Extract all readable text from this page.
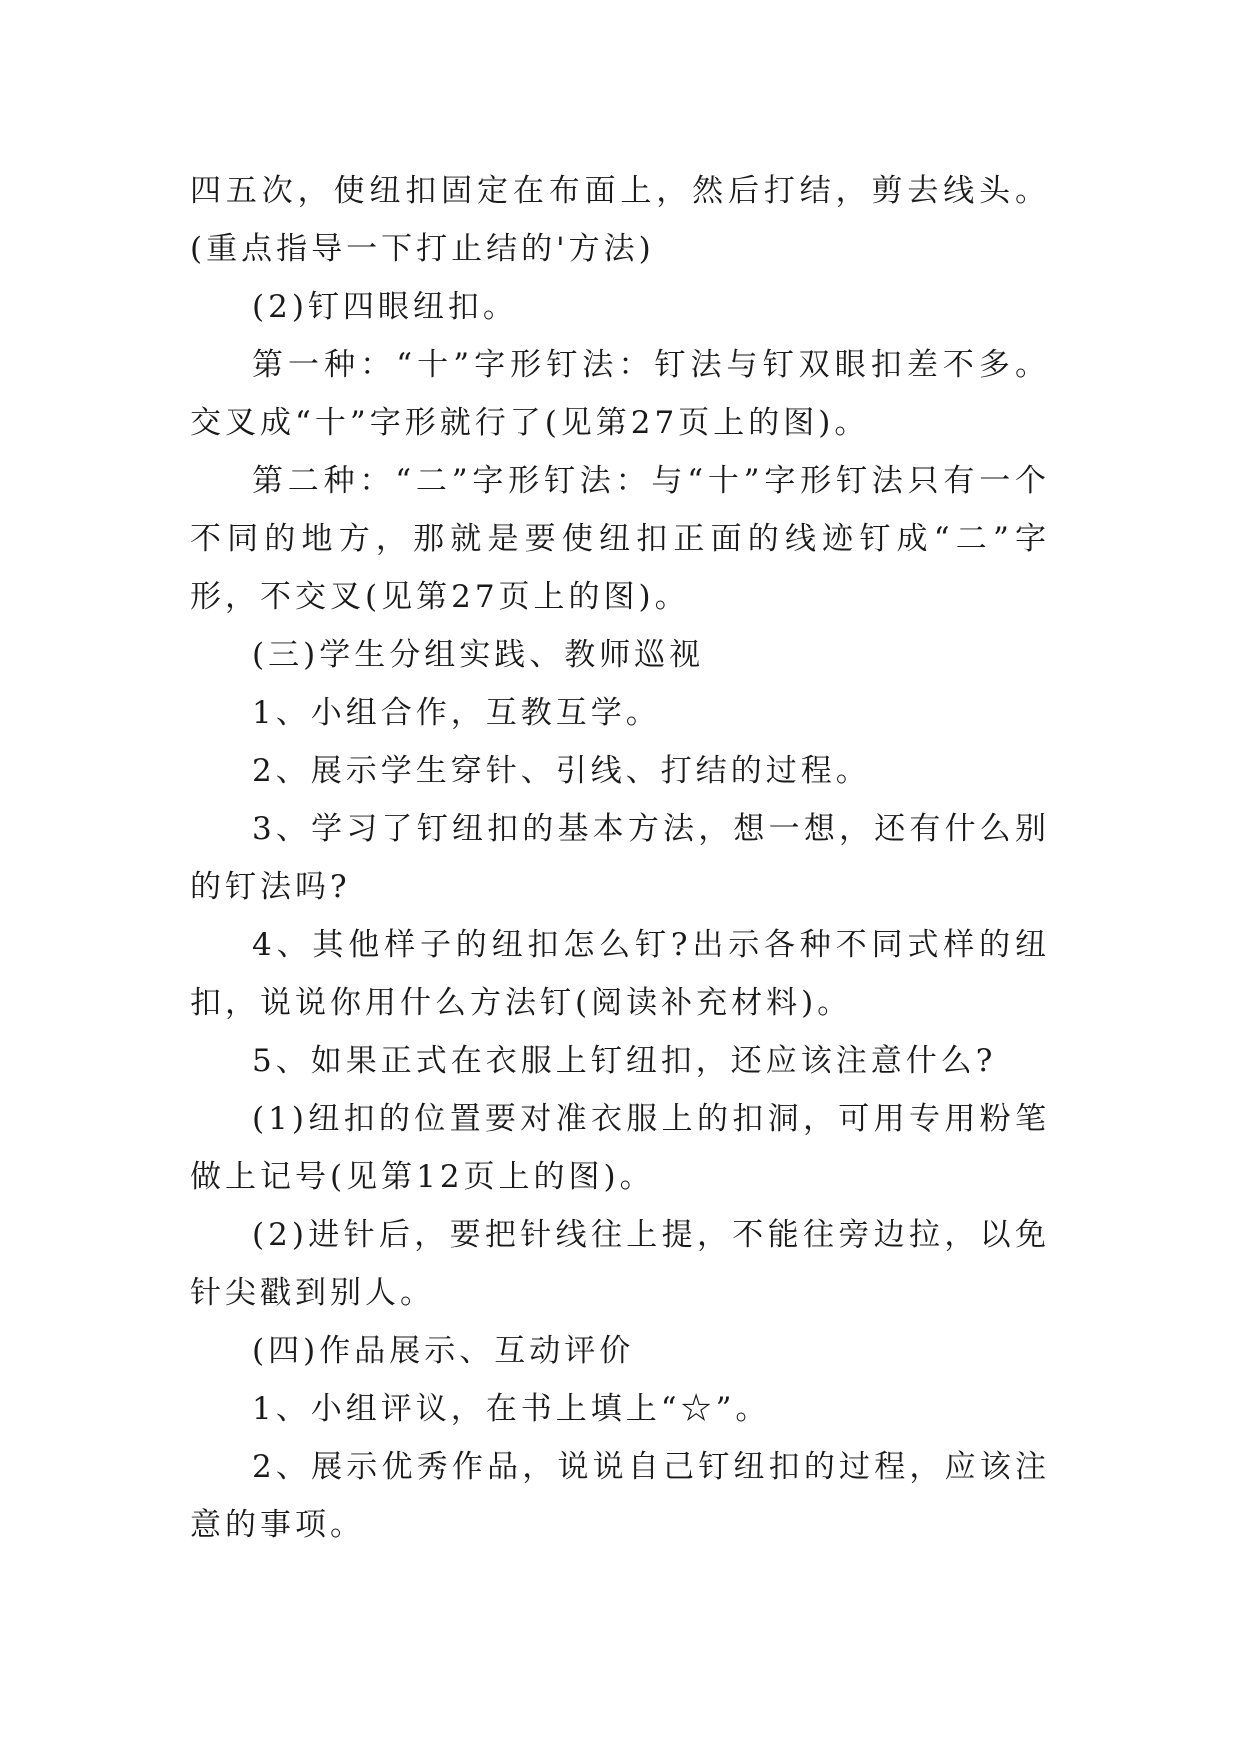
四五次，使纽扣固定在布面上，然后打结，剪去线头。(重点指导一下打止结的'方法)

(2)钉四眼纽扣。

第一种：“十”字形钉法：钉法与钉双眼扣差不多。交叉成“十”字形就行了(见第27页上的图)。

第二种：“二”字形钉法：与“十”字形钉法只有一个不同的地方，那就是要使纽扣正面的线迹钉成“二”字形，不交叉(见第27页上的图)。

(三)学生分组实践、教师巡视

1、小组合作，互教互学。

2、展示学生穿针、引线、打结的过程。

3、学习了钉纽扣的基本方法，想一想，还有什么别的钉法吗?

4、其他样子的纽扣怎么钉?出示各种不同式样的纽扣，说说你用什么方法钉(阅读补充材料)。

5、如果正式在衣服上钉纽扣，还应该注意什么?

(1)纽扣的位置要对准衣服上的扣洞，可用专用粉笔做上记号(见第12页上的图)。

(2)进针后，要把针线往上提，不能往旁边拉，以免针尖戳到别人。

(四)作品展示、互动评价

1、小组评议，在书上填上“☆”。

2、展示优秀作品，说说自己钉纽扣的过程，应该注意的事项。
